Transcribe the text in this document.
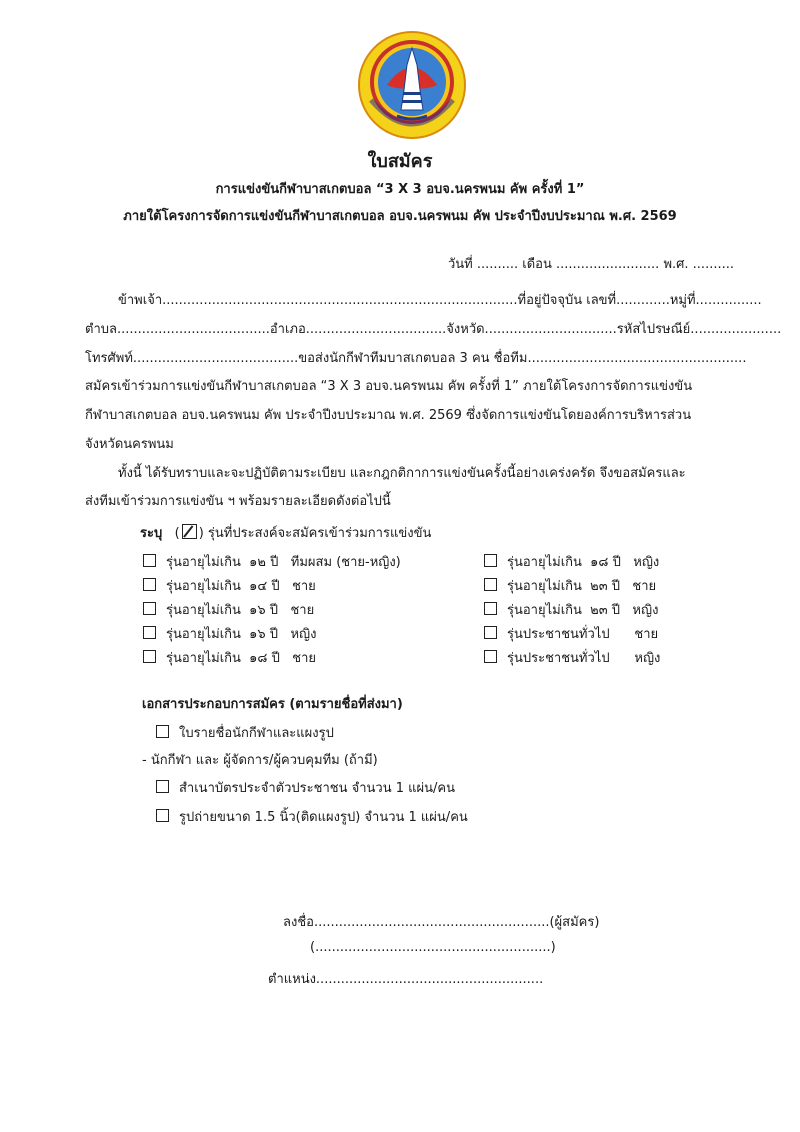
ใบสมัคร
การแข่งขันกีฬาบาสเกตบอล “3 X 3 อบจ.นครพนม คัพ ครั้งที่ 1”
ภายใต้โครงการจัดการแข่งขันกีฬาบาสเกตบอล อบจ.นครพนม คัพ ประจำปีงบประมาณ พ.ศ. 2569
วันที่ .......... เดือน ......................... พ.ศ. ..........
ข้าพเจ้า......................................................................................ที่อยู่ปัจจุบัน เลขที่.............หมู่ที่................
ตำบล.....................................อำเภอ..................................จังหวัด................................รหัสไปรษณีย์......................
โทรศัพท์........................................ขอส่งนักกีฬาทีมบาสเกตบอล 3 คน ชื่อทีม.....................................................
สมัครเข้าร่วมการแข่งขันกีฬาบาสเกตบอล “3 X 3 อบจ.นครพนม คัพ ครั้งที่ 1” ภายใต้โครงการจัดการแข่งขัน
กีฬาบาสเกตบอล อบจ.นครพนม คัพ ประจำปีงบประมาณ พ.ศ. 2569 ซึ่งจัดการแข่งขันโดยองค์การบริหารส่วน
จังหวัดนครพนม
ทั้งนี้ ได้รับทราบและจะปฏิบัติตามระเบียบ และกฎกติกาการแข่งขันครั้งนี้อย่างเคร่งครัด จึงขอสมัครและ
ส่งทีมเข้าร่วมการแข่งขัน ฯ พร้อมรายละเอียดดังต่อไปนี้
ระบุ ( ) รุ่นที่ประสงค์จะสมัครเข้าร่วมการแข่งขัน
รุ่นอายุไม่เกิน ๑๒ ปี ทีมผสม (ชาย-หญิง)
รุ่นอายุไม่เกิน ๑๔ ปี ชาย
รุ่นอายุไม่เกิน ๑๖ ปี ชาย
รุ่นอายุไม่เกิน ๑๖ ปี หญิง
รุ่นอายุไม่เกิน ๑๘ ปี ชาย
รุ่นอายุไม่เกิน ๑๘ ปี หญิง
รุ่นอายุไม่เกิน ๒๓ ปี ชาย
รุ่นอายุไม่เกิน ๒๓ ปี หญิง
รุ่นประชาชนทั่วไป ชาย
รุ่นประชาชนทั่วไป หญิง
เอกสารประกอบการสมัคร (ตามรายชื่อที่ส่งมา)
ใบรายชื่อนักกีฬาและแผงรูป
- นักกีฬา และ ผู้จัดการ/ผู้ควบคุมทีม (ถ้ามี)
สำเนาบัตรประจำตัวประชาชน จำนวน 1 แผ่น/คน
รูปถ่ายขนาด 1.5 นิ้ว(ติดแผงรูป) จำนวน 1 แผ่น/คน
ลงชื่อ.........................................................(ผู้สมัคร)
(.........................................................)
ตำแหน่ง.......................................................
